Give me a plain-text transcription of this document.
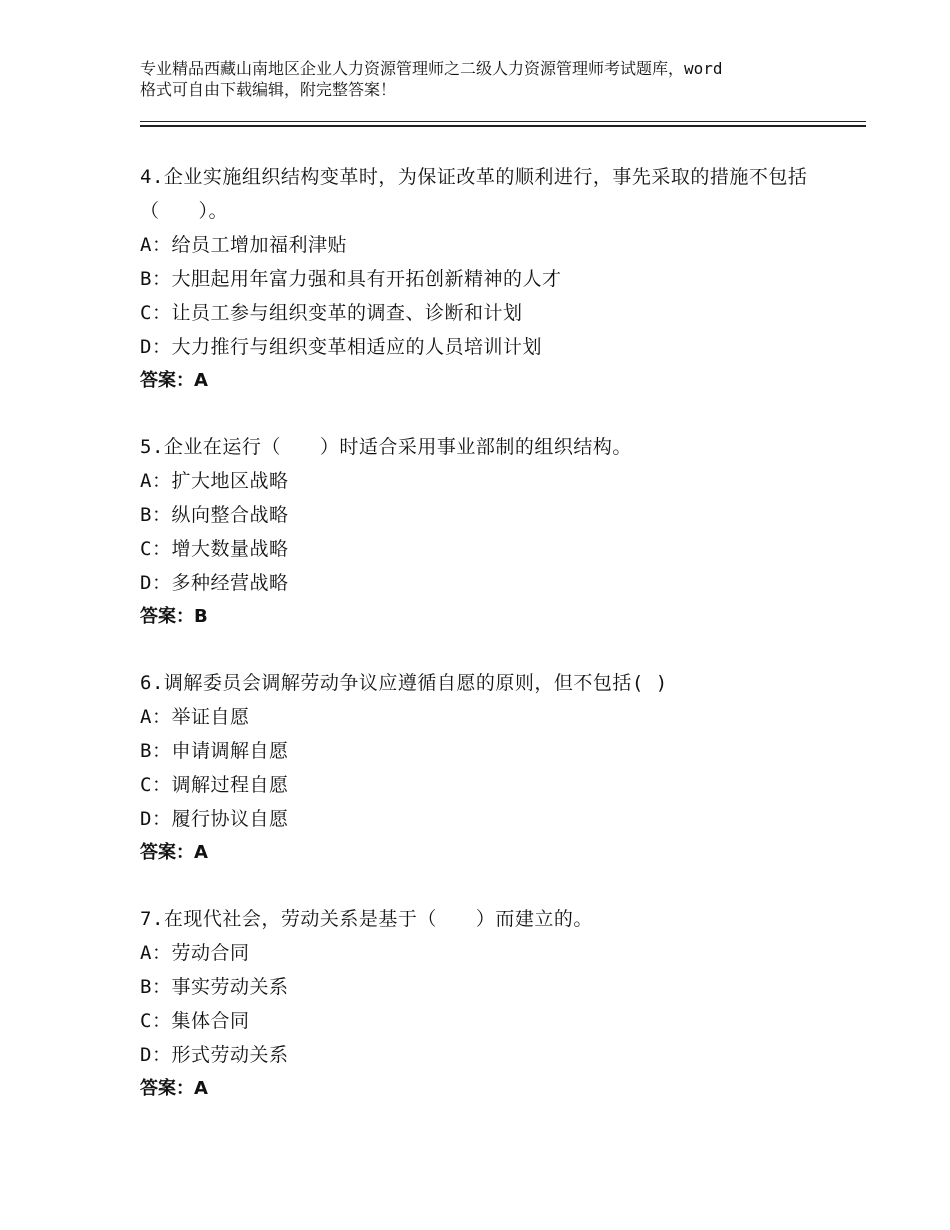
专业精品西藏山南地区企业人力资源管理师之二级人力资源管理师考试题库，word
格式可自由下载编辑，附完整答案！
4.企业实施组织结构变革时，为保证改革的顺利进行，事先采取的措施不包括（　　）。
A：给员工增加福利津贴
B：大胆起用年富力强和具有开拓创新精神的人才
C：让员工参与组织变革的调查、诊断和计划
D：大力推行与组织变革相适应的人员培训计划
答案：A
5.企业在运行（　　）时适合采用事业部制的组织结构。
A：扩大地区战略
B：纵向整合战略
C：增大数量战略
D：多种经营战略
答案：B
6.调解委员会调解劳动争议应遵循自愿的原则，但不包括( )
A：举证自愿
B：申请调解自愿
C：调解过程自愿
D：履行协议自愿
答案：A
7.在现代社会，劳动关系是基于（　　）而建立的。
A：劳动合同
B：事实劳动关系
C：集体合同
D：形式劳动关系
答案：A
